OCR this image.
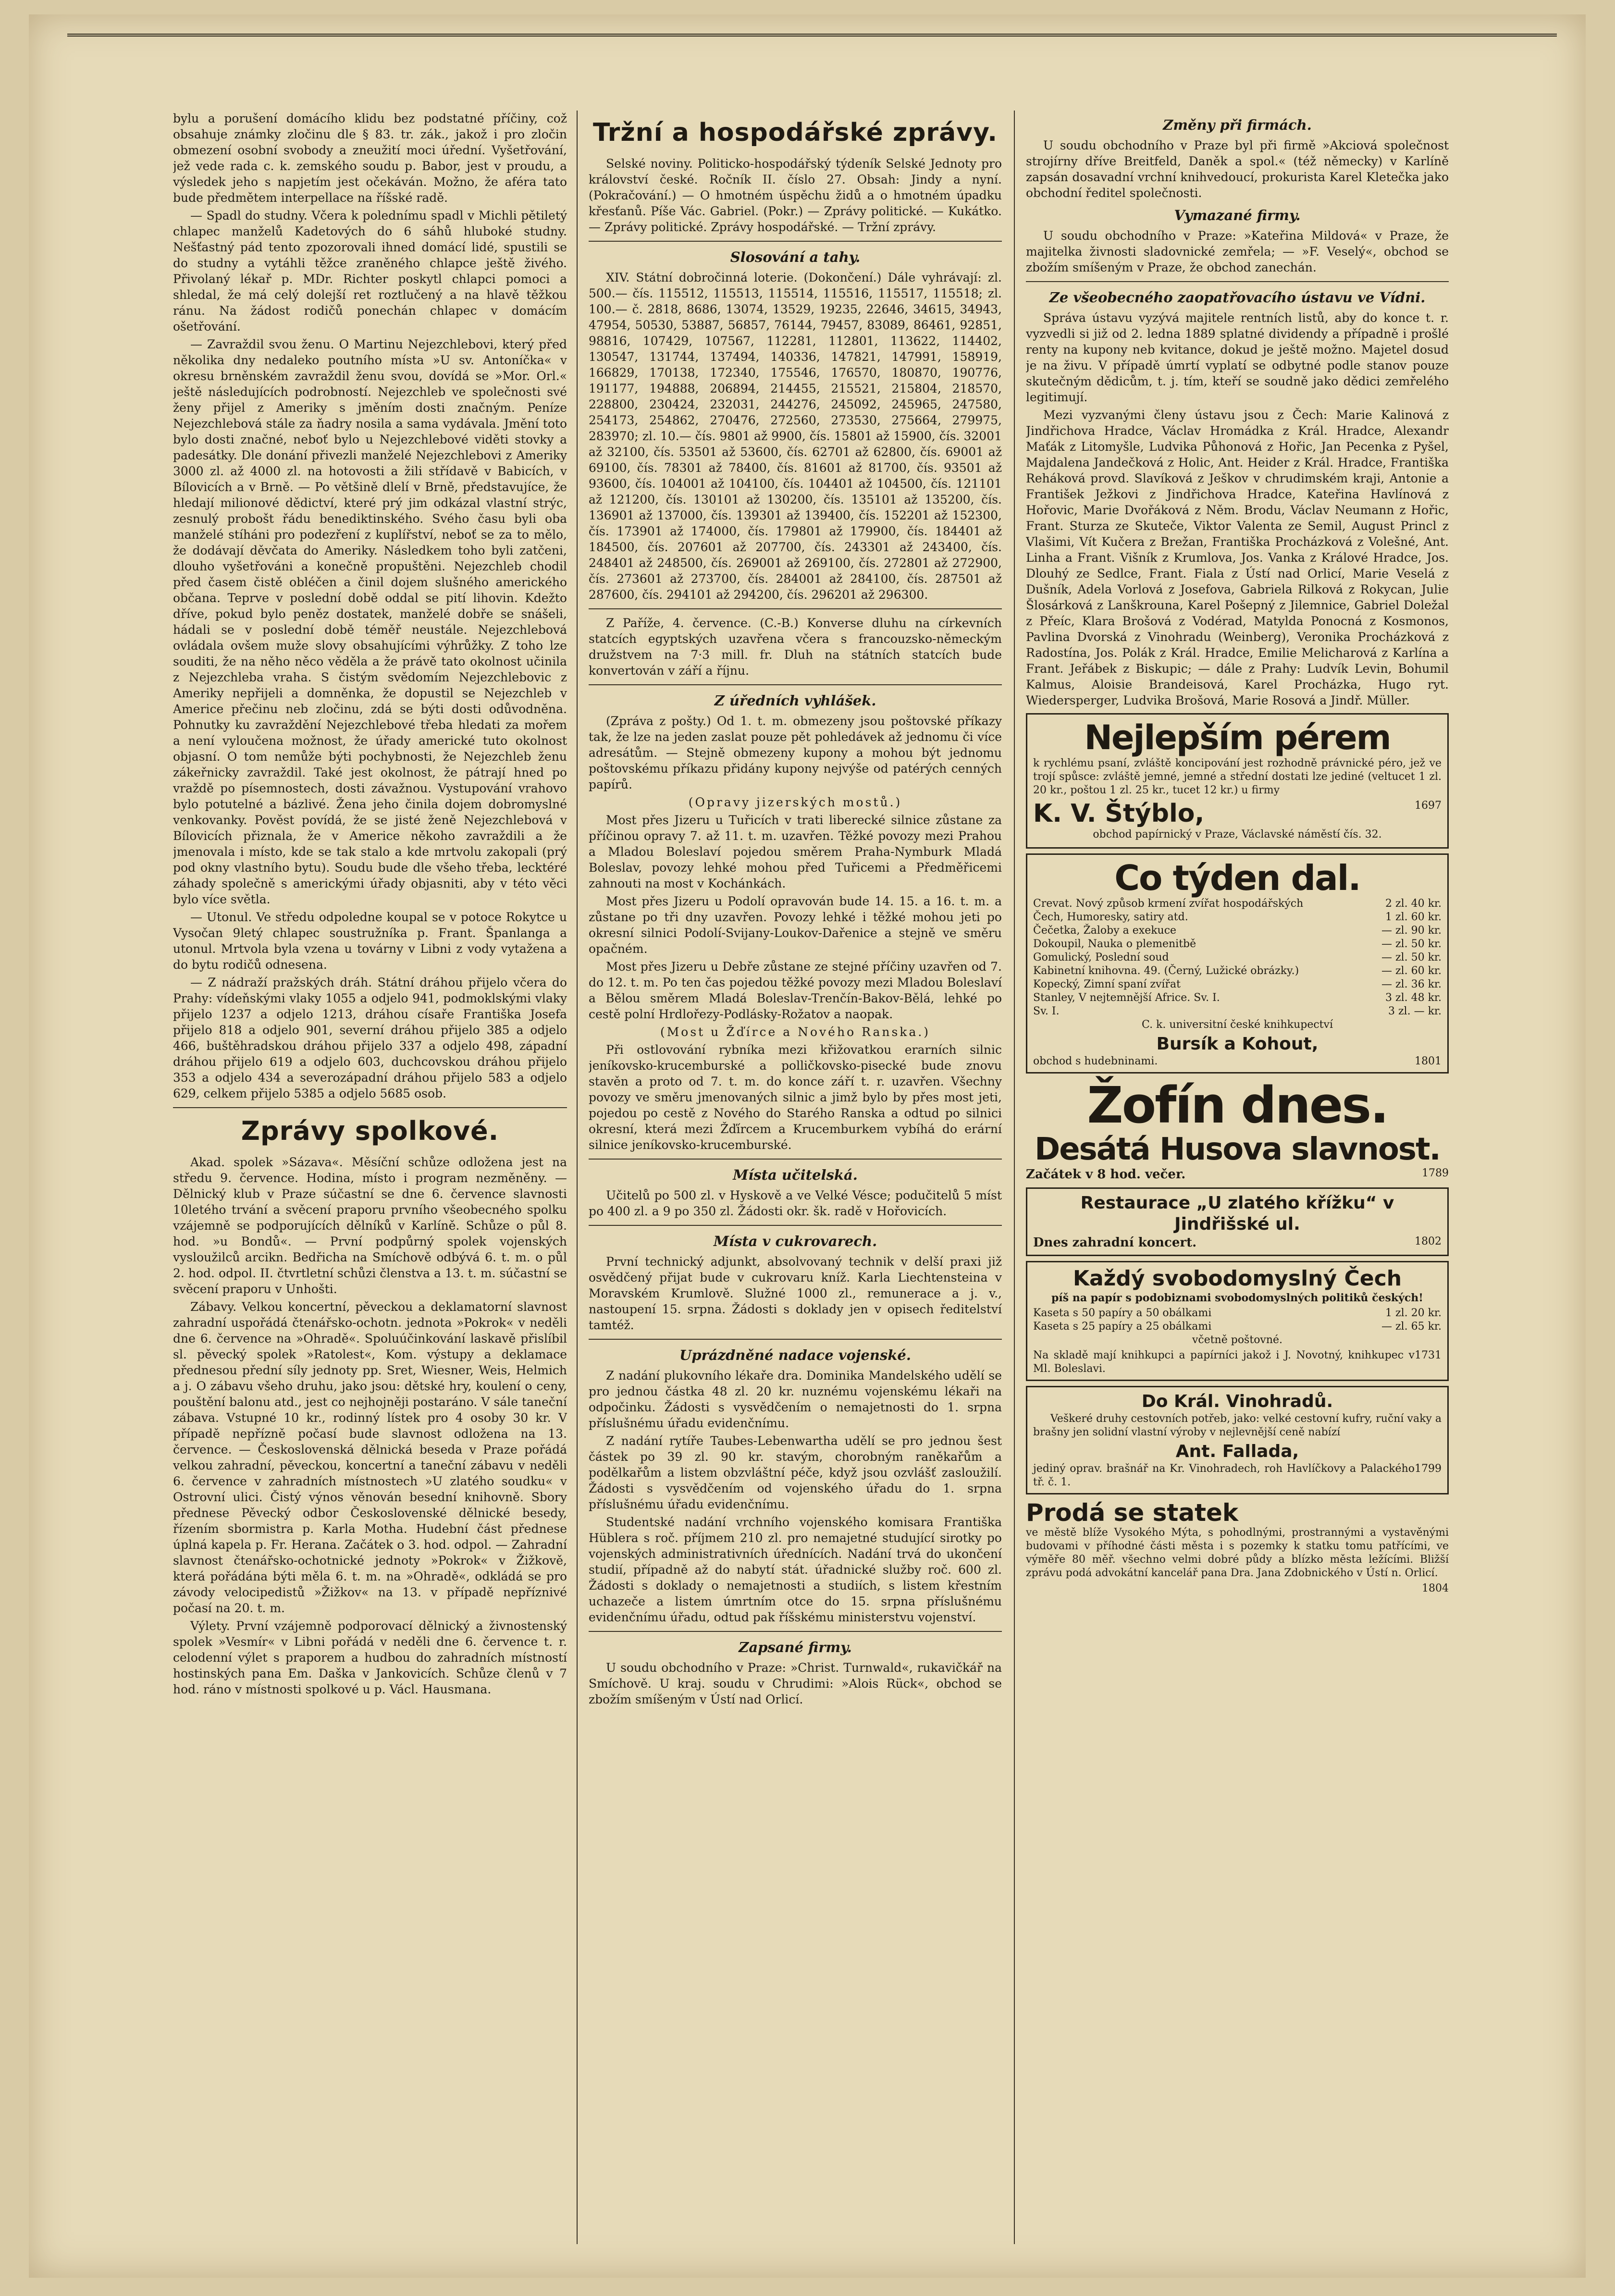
bylu a porušení domácího klidu bez podstatné příčiny, což obsahuje známky zločinu dle § 83. tr. zák., jakož i pro zločin obmezení osobní svobody a zneužití moci úřední. Vyšetřování, jež vede rada c. k. zemského soudu p. Babor, jest v proudu, a výsledek jeho s napjetím jest očekáván. Možno, že aféra tato bude předmětem interpellace na říšské radě.

— Spadl do studny. Včera k polednímu spadl v Michli pětiletý chlapec manželů Kadetových do 6 sáhů hluboké studny. Nešťastný pád tento zpozorovali ihned domácí lidé, spustili se do studny a vytáhli těžce zraněného chlapce ještě živého. Přivolaný lékař p. MDr. Richter poskytl chlapci pomoci a shledal, že má celý dolejší ret roztlučený a na hlavě těžkou ránu. Na žádost rodičů ponechán chlapec v domácím ošetřování.

— Zavraždil svou ženu. O Martinu Nejezchlebovi, který před několika dny nedaleko poutního místa »U sv. Antoníčka« v okresu brněnském zavraždil ženu svou, dovídá se »Mor. Orl.« ještě následujících podrobností. Nejezchleb ve společnosti své ženy přijel z Ameriky s jměním dosti značným. Peníze Nejezchlebová stále za ňadry nosila a sama vydávala. Jmění toto bylo dosti značné, neboť bylo u Nejezchlebové viděti stovky a padesátky. Dle donání přivezli manželé Nejezchlebovi z Ameriky 3000 zl. až 4000 zl. na hotovosti a žili střídavě v Babicích, v Bílovicích a v Brně. — Po většině dlelí v Brně, představujíce, že hledají milionové dědictví, které prý jim odkázal vlastní strýc, zesnulý probošt řádu benediktinského. Svého času byli oba manželé stíháni pro podezření z kuplířství, neboť se za to mělo, že dodávají děvčata do Ameriky. Následkem toho byli zatčeni, dlouho vyšetřováni a konečně propuštěni. Nejezchleb chodil před časem čistě obléčen a činil dojem slušného amerického občana. Teprve v poslední době oddal se pití lihovin. Kdežto dříve, pokud bylo peněz dostatek, manželé dobře se snášeli, hádali se v poslední době téměř neustále. Nejezchlebová ovládala ovšem muže slovy obsahujícími výhrůžky. Z toho lze souditi, že na něho něco věděla a že právě tato okolnost učinila z Nejezchleba vraha. S čistým svědomím Nejezchlebovic z Ameriky nepřijeli a domněnka, že dopustil se Nejezchleb v Americe přečinu neb zločinu, zdá se býti dosti odůvodněna. Pohnutky ku zavraždění Nejezchlebové třeba hledati za mořem a není vyloučena možnost, že úřady americké tuto okolnost objasní. O tom nemůže býti pochybnosti, že Nejezchleb ženu zákeřnicky zavraždil. Také jest okolnost, že pátrají hned po vraždě po písemnostech, dosti závažnou. Vystupování vrahovo bylo potutelné a bázlivé. Žena jeho činila dojem dobromyslné venkovanky. Pověst povídá, že se jisté ženě Nejezchlebová v Bílovicích přiznala, že v Americe někoho zavraždili a že jmenovala i místo, kde se tak stalo a kde mrtvolu zakopali (prý pod okny vlastního bytu). Soudu bude dle všeho třeba, lecktéré záhady společně s americkými úřady objasniti, aby v této věci bylo více světla.

— Utonul. Ve středu odpoledne koupal se v potoce Rokytce u Vysočan 9letý chlapec soustružníka p. Frant. Španlanga a utonul. Mrtvola byla vzena u továrny v Libni z vody vytažena a do bytu rodičů odnesena.

— Z nádraží pražských dráh. Státní dráhou přijelo včera do Prahy: vídeňskými vlaky 1055 a odjelo 941, podmoklskými vlaky přijelo 1237 a odjelo 1213, dráhou císaře Františka Josefa přijelo 818 a odjelo 901, severní dráhou přijelo 385 a odjelo 466, buštěhradskou dráhou přijelo 337 a odjelo 498, západní dráhou přijelo 619 a odjelo 603, duchcovskou dráhou přijelo 353 a odjelo 434 a severozápadní dráhou přijelo 583 a odjelo 629, celkem přijelo 5385 a odjelo 5685 osob.

Zprávy spolkové.

Akad. spolek »Sázava«. Měsíční schůze odložena jest na středu 9. července. Hodina, místo i program nezměněny. — Dělnický klub v Praze súčastní se dne 6. července slavnosti 10letého trvání a svěcení praporu prvního všeobecného spolku vzájemně se podporujících dělníků v Karlíně. Schůze o půl 8. hod. »u Bondů«. — První podpůrný spolek vojenských vysloužilců arcikn. Bedřicha na Smíchově odbývá 6. t. m. o půl 2. hod. odpol. II. čtvrtletní schůzi členstva a 13. t. m. súčastní se svěcení praporu v Unhošti.

Zábavy. Velkou koncertní, pěveckou a deklamatorní slavnost zahradní uspořádá čtenářsko-ochotn. jednota »Pokrok« v neděli dne 6. července na »Ohradě«. Spoluúčinkování laskavě přislíbil sl. pěvecký spolek »Ratolest«, Kom. výstupy a deklamace přednesou přední síly jednoty pp. Sret, Wiesner, Weis, Helmich a j. O zábavu všeho druhu, jako jsou: dětské hry, koulení o ceny, pouštění balonu atd., jest co nejhojněji postaráno. V sále taneční zábava. Vstupné 10 kr., rodinný lístek pro 4 osoby 30 kr. V případě nepřízně počasí bude slavnost odložena na 13. července. — Československá dělnická beseda v Praze pořádá velkou zahradní, pěveckou, koncertní a taneční zábavu v neděli 6. července v zahradních místnostech »U zlatého soudku« v Ostrovní ulici. Čistý výnos věnován besední knihovně. Sbory přednese Pěvecký odbor Československé dělnické besedy, řízením sbormistra p. Karla Motha. Hudební část přednese úplná kapela p. Fr. Herana. Začátek o 3. hod. odpol. — Zahradní slavnost čtenářsko-ochotnické jednoty »Pokrok« v Žižkově, která pořádána býti měla 6. t. m. na »Ohradě«, odkládá se pro závody velocipedistů »Žižkov« na 13. v případě nepříznivé počasí na 20. t. m.

Výlety. První vzájemně podporovací dělnický a živnostenský spolek »Vesmír« v Libni pořádá v neděli dne 6. července t. r. celodenní výlet s praporem a hudbou do zahradních místností hostinských pana Em. Daška v Jankovicích. Schůze členů v 7 hod. ráno v místnosti spolkové u p. Václ. Hausmana.

Tržní a hospodářské zprávy.

Selské noviny. Politicko-hospodářský týdeník Selské Jednoty pro království české. Ročník II. číslo 27. Obsah: Jindy a nyní. (Pokračování.) — O hmotném úspěchu židů a o hmotném úpadku křesťanů. Píše Vác. Gabriel. (Pokr.) — Zprávy politické. — Kukátko. — Zprávy politické. Zprávy hospodářské. — Tržní zprávy.

Slosování a tahy.

XIV. Státní dobročinná loterie. (Dokončení.) Dále vyhrávají: zl. 500.— čís. 115512, 115513, 115514, 115516, 115517, 115518; zl. 100.— č. 2818, 8686, 13074, 13529, 19235, 22646, 34615, 34943, 47954, 50530, 53887, 56857, 76144, 79457, 83089, 86461, 92851, 98816, 107429, 107567, 112281, 112801, 113622, 114402, 130547, 131744, 137494, 140336, 147821, 147991, 158919, 166829, 170138, 172340, 175546, 176570, 180870, 190776, 191177, 194888, 206894, 214455, 215521, 215804, 218570, 228800, 230424, 232031, 244276, 245092, 245965, 247580, 254173, 254862, 270476, 272560, 273530, 275664, 279975, 283970; zl. 10.— čís. 9801 až 9900, čís. 15801 až 15900, čís. 32001 až 32100, čís. 53501 až 53600, čís. 62701 až 62800, čís. 69001 až 69100, čís. 78301 až 78400, čís. 81601 až 81700, čís. 93501 až 93600, čís. 104001 až 104100, čís. 104401 až 104500, čís. 121101 až 121200, čís. 130101 až 130200, čís. 135101 až 135200, čís. 136901 až 137000, čís. 139301 až 139400, čís. 152201 až 152300, čís. 173901 až 174000, čís. 179801 až 179900, čís. 184401 až 184500, čís. 207601 až 207700, čís. 243301 až 243400, čís. 248401 až 248500, čís. 269001 až 269100, čís. 272801 až 272900, čís. 273601 až 273700, čís. 284001 až 284100, čís. 287501 až 287600, čís. 294101 až 294200, čís. 296201 až 296300.

Z Paříže, 4. července. (C.-B.) Konverse dluhu na církevních statcích egyptských uzavřena včera s francouzsko-německým družstvem na 7·3 mill. fr. Dluh na státních statcích bude konvertován v září a říjnu.

Z úředních vyhlášek.

(Zpráva z pošty.) Od 1. t. m. obmezeny jsou poštovské příkazy tak, že lze na jeden zaslat pouze pět pohledávek až jednomu či více adresátům. — Stejně obmezeny kupony a mohou být jednomu poštovskému příkazu přidány kupony nejvýše od patérých cenných papírů.

(Opravy jizerských mostů.)

Most přes Jizeru u Tuřicích v trati liberecké silnice zůstane za příčinou opravy 7. až 11. t. m. uzavřen. Těžké povozy mezi Prahou a Mladou Boleslaví pojedou směrem Praha-Nymburk Mladá Boleslav, povozy lehké mohou před Tuřicemi a Předměřicemi zahnouti na most v Kochánkách.

Most přes Jizeru u Podolí opravován bude 14. 15. a 16. t. m. a zůstane po tři dny uzavřen. Povozy lehké i těžké mohou jeti po okresní silnici Podolí-Svijany-Loukov-Dařenice a stejně ve směru opačném.

Most přes Jizeru u Debře zůstane ze stejné příčiny uzavřen od 7. do 12. t. m. Po ten čas pojedou těžké povozy mezi Mladou Boleslaví a Bělou směrem Mladá Boleslav-Trenčín-Bakov-Bělá, lehké po cestě polní Hrdlořezy-Podlásky-Rožatov a naopak.

(Most u Žďírce a Nového Ranska.)

Při ostlovování rybníka mezi křižovatkou erarních silnic jeníkovsko-krucemburské a polličkovsko-pisecké bude znovu stavěn a proto od 7. t. m. do konce září t. r. uzavřen. Všechny povozy ve směru jmenovaných silnic a jimž bylo by přes most jeti, pojedou po cestě z Nového do Starého Ranska a odtud po silnici okresní, která mezi Žďírcem a Krucemburkem vybíhá do erární silnice jeníkovsko-krucemburské.

Místa učitelská.

Učitelů po 500 zl. v Hyskově a ve Velké Vésce; podučitelů 5 míst po 400 zl. a 9 po 350 zl. Žádosti okr. šk. radě v Hořovicích.

Místa v cukrovarech.

První technický adjunkt, absolvovaný technik v delší praxi již osvědčený přijat bude v cukrovaru kníž. Karla Liechtensteina v Moravském Krumlově. Služné 1000 zl., remunerace a j. v., nastoupení 15. srpna. Žádosti s doklady jen v opisech ředitelství tamtéž.

Uprázdněné nadace vojenské.

Z nadání plukovního lékaře dra. Dominika Mandelského udělí se pro jednou částka 48 zl. 20 kr. nuznému vojenskému lékaři na odpočinku. Žádosti s vysvědčením o nemajetnosti do 1. srpna příslušnému úřadu evidenčnímu.

Z nadání rytíře Taubes-Lebenwartha udělí se pro jednou šest částek po 39 zl. 90 kr. stavým, chorobným raněkařům a podělkařům a listem obzvláštní péče, když jsou ozvlášť zasloužilí. Žádosti s vysvědčením od vojenského úřadu do 1. srpna příslušnému úřadu evidenčnímu.

Studentské nadání vrchního vojenského komisara Františka Hüblera s roč. příjmem 210 zl. pro nemajetné studující sirotky po vojenských administrativních úřednících. Nadání trvá do ukončení studií, případně až do nabytí stát. úřadnické služby roč. 600 zl. Žádosti s doklady o nemajetnosti a studiích, s listem křestním uchazeče a listem úmrtním otce do 15. srpna příslušnému evidenčnímu úřadu, odtud pak říšskému ministerstvu vojenství.

Zapsané firmy.

U soudu obchodního v Praze: »Christ. Turnwald«, rukavičkář na Smíchově. U kraj. soudu v Chrudimi: »Alois Rück«, obchod se zbožím smíšeným v Ústí nad Orlicí.

Změny při firmách.

U soudu obchodního v Praze byl při firmě »Akciová společnost strojírny dříve Breitfeld, Daněk a spol.« (též německy) v Karlíně zapsán dosavadní vrchní knihvedoucí, prokurista Karel Kletečka jako obchodní ředitel společnosti.

Vymazané firmy.

U soudu obchodního v Praze: »Kateřina Mildová« v Praze, že majitelka živnosti sladovnické zemřela; — »F. Veselý«, obchod se zbožím smíšeným v Praze, že obchod zanechán.

Ze všeobecného zaopatřovacího ústavu ve Vídni.

Správa ústavu vyzývá majitele rentních listů, aby do konce t. r. vyzvedli si již od 2. ledna 1889 splatné dividendy a případně i prošlé renty na kupony neb kvitance, dokud je ještě možno. Majetel dosud je na živu. V případě úmrtí vyplatí se odbytné podle stanov pouze skutečným dědicům, t. j. tím, kteří se soudně jako dědici zemřelého legitimují.

Mezi vyzvanými členy ústavu jsou z Čech: Marie Kalinová z Jindřichova Hradce, Václav Hromádka z Král. Hradce, Alexandr Maťák z Litomyšle, Ludvika Půhonová z Hořic, Jan Pecenka z Pyšel, Majdalena Jandečková z Holic, Ant. Heider z Král. Hradce, Františka Reháková provd. Slavíková z Ješkov v chrudimském kraji, Antonie a František Ježkovi z Jindřichova Hradce, Kateřina Havlínová z Hořovic, Marie Dvořáková z Něm. Brodu, Václav Neumann z Hořic, Frant. Sturza ze Skuteče, Viktor Valenta ze Semil, August Princl z Vlašimi, Vít Kučera z Brežan, Františka Procházková z Volešné, Ant. Linha a Frant. Višník z Krumlova, Jos. Vanka z Králové Hradce, Jos. Dlouhý ze Sedlce, Frant. Fiala z Ústí nad Orlicí, Marie Veselá z Dušník, Adela Vorlová z Josefova, Gabriela Rilková z Rokycan, Julie Šlosárková z Lanškrouna, Karel Pošepný z Jilemnice, Gabriel Doležal z Přeíc, Klara Brošová z Vodérad, Matylda Ponocná z Kosmonos, Pavlina Dvorská z Vinohradu (Weinberg), Veronika Procházková z Radostína, Jos. Polák z Král. Hradce, Emilie Melicharová z Karlína a Frant. Jeřábek z Biskupic; — dále z Prahy: Ludvík Levin, Bohumil Kalmus, Aloisie Brandeisová, Karel Procházka, Hugo ryt. Wiedersperger, Ludvika Brošová, Marie Rosová a Jindř. Müller.

Nejlepším pérem

k rychlému psaní, zvláště koncipování jest rozhodně právnické péro, jež ve trojí spůsce: zvláště jemné, jemné a střední dostati lze jediné (veltucet 1 zl. 20 kr., poštou 1 zl. 25 kr., tucet 12 kr.) u firmy

K. V. Štýblo,	1697

obchod papírnický v Praze, Václavské náměstí čís. 32.

Co týden dal.
Crevat. Nový způsob krmení zvířat hospodářských	2 zl. 40 kr.
Čech, Humoresky, satiry atd.	1 zl. 60 kr.
Čečetka, Žaloby a exekuce	— zl. 90 kr.
Dokoupil, Nauka o plemenitbě	— zl. 50 kr.
Gomulický, Poslední soud	— zl. 50 kr.
Kabinetní knihovna. 49. (Černý, Lužické obrázky.)	— zl. 60 kr.
Kopecký, Zimní spaní zvířat	— zl. 36 kr.
Stanley, V nejtemnější Africe. Sv. I.	3 zl. 48 kr.
Sv. I.	3 zl. — kr.

C. k. universitní české knihkupectví

Bursík a Kohout,
obchod s hudebninami.	1801
Žofín dnes.
Desátá Husova slavnost.
Začátek v 8 hod. večer.	1789
Restaurace „U zlatého křížku“ v Jindřišské ul.
Dnes zahradní koncert.	1802
Každý svobodomyslný Čech

píš na papír s podobiznami svobodomyslných politiků českých!

Kaseta s 50 papíry a 50 obálkami	1 zl. 20 kr.
Kaseta s 25 papíry a 25 obálkami	— zl. 65 kr.

včetně poštovné.

Na skladě mají knihkupci a papírníci jakož i J. Novotný, knihkupec v Ml. Boleslavi.
1731
Do Král. Vinohradů.

Veškeré druhy cestovních potřeb, jako: velké cestovní kufry, ruční vaky a brašny jen solidní vlastní výroby v nejlevnější ceně nabízí

Ant. Fallada,
jediný oprav. brašnář na Kr. Vinohradech, roh Havlíčkovy a Palackého tř. č. 1.
1799
Prodá se statek

ve městě blíže Vysokého Mýta, s pohodlnými, prostrannými a vystavěnými budovami v příhodné části města i s pozemky k statku tomu patřícími, ve výměře 80 měř. všechno velmi dobré půdy a blízko města ležícími. Bližší zprávu podá advokátní kancelář pana Dra. Jana Zdobnického v Ústí n. Orlicí.

1804
